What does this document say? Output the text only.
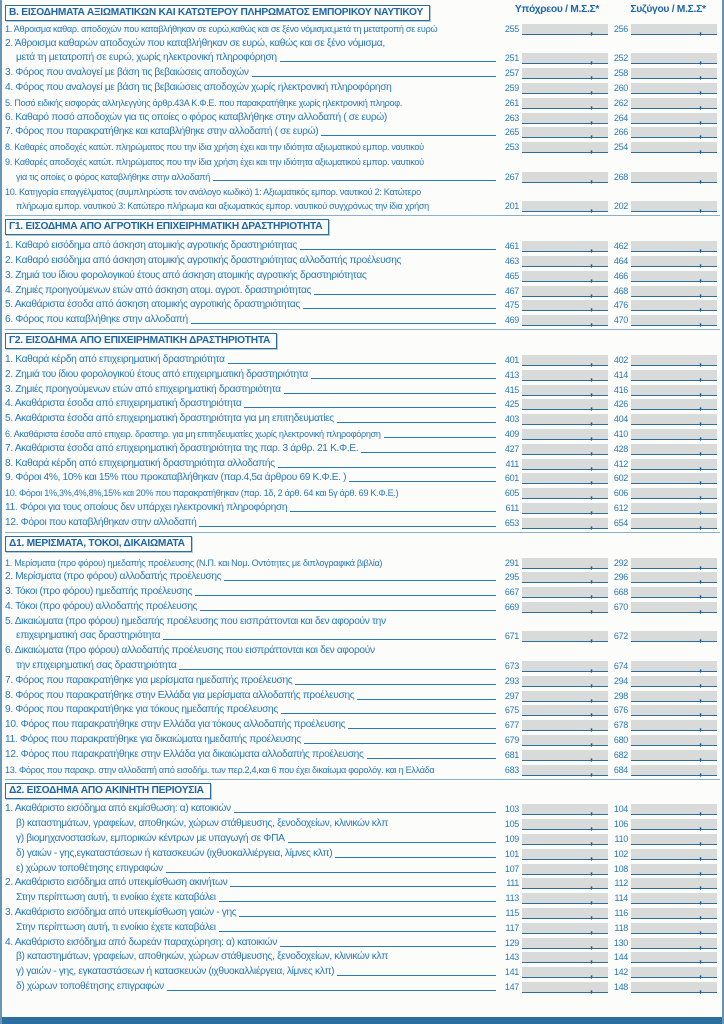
Β. ΕΙΣΟΔΗΜΑΤΑ ΑΞΙΩΜΑΤΙΚΩΝ ΚΑΙ ΚΑΤΩΤΕΡΟΥ ΠΛΗΡΩΜΑΤΟΣ ΕΜΠΟΡΙΚΟΥ ΝΑΥΤΙΚΟΥ	Υπόχρεου / Μ.Σ.Σ*	Συζύγου / Μ.Σ.Σ*
1. Άθροισμα καθαρ. αποδοχών που καταβλήθηκαν σε ευρώ,καθώς και σε ξένο νόμισμα,μετά τη μετατροπή σε ευρώ	255	,	256	,
2. Άθροισμα καθαρών αποδοχών που καταβλήθηκαν σε ευρώ, καθώς και σε ξένο νόμισμα,
μετά τη μετατροπή σε ευρώ, χωρίς ηλεκτρονική πληροφόρηση	251	,	252	,
3. Φόρος που αναλογεί με βάση τις βεβαιώσεις αποδοχών	257	,	258	,
4. Φόρος που αναλογεί με βάση τις βεβαιώσεις αποδοχών χωρίς ηλεκτρονική πληροφόρηση	259	,	260	,
5. Ποσό ειδικής εισφοράς αλληλεγγύης άρθρ.43Α Κ.Φ.Ε. που παρακρατήθηκε χωρίς ηλεκτρονική πληροφ.	261	,	262	,
6. Καθαρό ποσό αποδοχών για τις οποίες ο φόρος καταβλήθηκε στην αλλοδαπή ( σε ευρώ)	263	,	264	,
7. Φόρος που παρακρατήθηκε και καταβλήθηκε στην αλλοδαπή ( σε ευρώ)	265	,	266	,
8. Καθαρές αποδοχές κατώτ. πληρώματος που την ίδια χρήση έχει και την ιδιότητα αξιωματικού εμπορ. ναυτικού	253	,	254	,
9. Καθαρές αποδοχές κατώτ. πληρώματος που την ίδια χρήση έχει και την ιδιότητα αξιωματικού εμπορ. ναυτικού
για τις οποίες ο φόρος καταβλήθηκε στην αλλοδαπή	267	,	268	,
10. Κατηγορία επαγγέλματος (συμπληρώστε τον ανάλογο κωδικό) 1: Αξιωματικός εμπορ. ναυτικού 2: Κατώτερο
πλήρωμα εμπορ. ναυτικού 3: Κατώτερο πλήρωμα και αξιωματικός εμπορ. ναυτικού συγχρόνως την ίδια χρήση	201	,	202	,
Γ1. ΕΙΣΟΔΗΜΑ ΑΠΟ ΑΓΡΟΤΙΚΗ ΕΠΙΧΕΙΡΗΜΑΤΙΚΗ ΔΡΑΣΤΗΡΙΟΤΗΤΑ
1. Καθαρό εισόδημα από άσκηση ατομικής αγροτικής δραστηριότητας	461	,	462	,
2. Καθαρό εισόδημα από άσκηση ατομικής αγροτικής δραστηριότητας αλλοδαπής προέλευσης	463	,	464	,
3. Ζημιά του ίδιου φορολογικού έτους από άσκηση ατομικής αγροτικής δραστηριότητας	465	,	466	,
4. Ζημιές προηγούμενων ετών από άσκηση ατομ. αγροτ. δραστηριότητας	467	,	468	,
5. Ακαθάριστα έσοδα από άσκηση ατομικής αγροτικής δραστηριότητας	475	,	476	,
6. Φόρος που καταβλήθηκε στην αλλοδαπή	469	,	470	,
Γ2. ΕΙΣΟΔΗΜΑ ΑΠΟ ΕΠΙΧΕΙΡΗΜΑΤΙΚΗ ΔΡΑΣΤΗΡΙΟΤΗΤΑ
1. Καθαρά κέρδη από επιχειρηματική δραστηριότητα	401	,	402	,
2. Ζημιά του ίδιου φορολογικού έτους από επιχειρηματική δραστηριότητα	413	,	414	,
3. Ζημιές προηγούμενων ετών από επιχειρηματική δραστηριότητα	415	,	416	,
4. Ακαθάριστα έσοδα από επιχειρηματική δραστηριότητα	425	,	426	,
5. Ακαθάριστα έσοδα από επιχειρηματική δραστηριότητα για μη επιτηδευματίες	403	,	404	,
6. Ακαθάριστα έσοδα από επιχειρ. δραστηρ. για μη επιτηδευματίες χωρίς ηλεκτρονική πληροφόρηση	409	,	410	,
7. Ακαθάριστα έσοδα από επιχειρηματική δραστηριότητα της παρ. 3 άρθρ. 21 Κ.Φ.Ε.	427	,	428	,
8. Καθαρά κέρδη από επιχειρηματική δραστηριότητα αλλοδαπής	411	,	412	,
9. Φόροι 4%, 10% και 15% που προκαταβλήθηκαν (παρ.4,5α άρθρου 69 Κ.Φ.Ε. )	601	,	602	,
10. Φόροι 1%,3%,4%,8%,15% και 20% που παρακρατήθηκαν (παρ. 1δ, 2 άρθ. 64 και 5γ άρθ. 69 Κ.Φ.Ε.)	605	,	606	,
11. Φόροι για τους οποίους δεν υπάρχει ηλεκτρονική πληροφόρηση	611	,	612	,
12. Φόροι που καταβλήθηκαν στην αλλοδαπή	653	,	654	,
Δ1. ΜΕΡΙΣΜΑΤΑ, ΤΟΚΟΙ, ΔΙΚΑΙΩΜΑΤΑ
1. Μερίσματα (προ φόρου) ημεδαπής προέλευσης (Ν.Π. και Νομ. Οντότητες με διπλογραφικά βιβλία)	291	,	292	,
2. Μερίσματα (προ φόρου) αλλοδαπής προέλευσης	295	,	296	,
3. Τόκοι (προ φόρου) ημεδαπής προέλευσης	667	,	668	,
4. Τόκοι (προ φόρου) αλλοδαπής προέλευσης	669	,	670	,
5. Δικαιώματα (προ φόρου) ημεδαπής προέλευσης που εισπράττονται και δεν αφορούν την
επιχειρηματική σας δραστηριότητα	671	,	672	,
6. Δικαιώματα (προ φόρου) αλλοδαπής προέλευσης που εισπράττονται και δεν αφορούν
την επιχειρηματική σας δραστηριότητα	673	,	674	,
7. Φόρος που παρακρατήθηκε για μερίσματα ημεδαπής προέλευσης	293	,	294	,
8. Φόρος που παρακρατήθηκε στην Ελλάδα για μερίσματα αλλοδαπής προέλευσης	297	,	298	,
9. Φόρος που παρακρατήθηκε για τόκους ημεδαπής προέλευσης	675	,	676	,
10. Φόρος που παρακρατήθηκε στην Ελλάδα για τόκους αλλοδαπής προέλευσης	677	,	678	,
11. Φόρος που παρακρατήθηκε για δικαιώματα ημεδαπής προέλευσης	679	,	680	,
12. Φόρος που παρακρατήθηκε στην Ελλάδα για δικαιώματα αλλοδαπής προέλευσης	681	,	682	,
13. Φόρος που παρακρ. στην αλλοδαπή από εισοδήμ. των περ.2,4,και 6 που έχει δικαίωμα φορολόγ. και η Ελλάδα	683	,	684	,
Δ2. ΕΙΣΟΔΗΜΑ ΑΠΟ ΑΚΙΝΗΤΗ ΠΕΡΙΟΥΣΙΑ
1. Ακαθάριστο εισόδημα από εκμίσθωση: α) κατοικιών	103	,	104	,
β) καταστημάτων, γραφείων, αποθηκών, χώρων στάθμευσης, ξενοδοχείων, κλινικών κλπ	105	,	106	,
γ) βιομηχανοστασίων, εμπορικών κέντρων με υπαγωγή σε ΦΠΑ	109	,	110	,
δ) γαιών - γης,εγκαταστάσεων ή κατασκευών (ιχθυοκαλλιέργεια, λίμνες κλπ)	101	,	102	,
ε) χώρων τοποθέτησης επιγραφών	107	,	108	,
2. Ακαθάριστο εισόδημα από υπεκμίσθωση ακινήτων	111	,	112	,
Στην περίπτωση αυτή, τι ενοίκιο έχετε καταβάλει	113	,	114	,
3. Ακαθάριστο εισόδημα από υπεκμίσθωση γαιών - γης	115	,	116	,
Στην περίπτωση αυτή, τι ενοίκιο έχετε καταβάλει	117	,	118	,
4. Ακαθάριστο εισόδημα από δωρεάν παραχώρηση: α) κατοικιών	129	,	130	,
β) καταστημάτων, γραφείων, αποθηκών, χώρων στάθμευσης, ξενοδοχείων, κλινικών κλπ	143	,	144	,
γ) γαιών - γης, εγκαταστάσεων ή κατασκευών (ιχθυοκαλλιέργεια, λίμνες κλπ)	141	,	142	,
δ) χώρων τοποθέτησης επιγραφών	147	,	148	,
